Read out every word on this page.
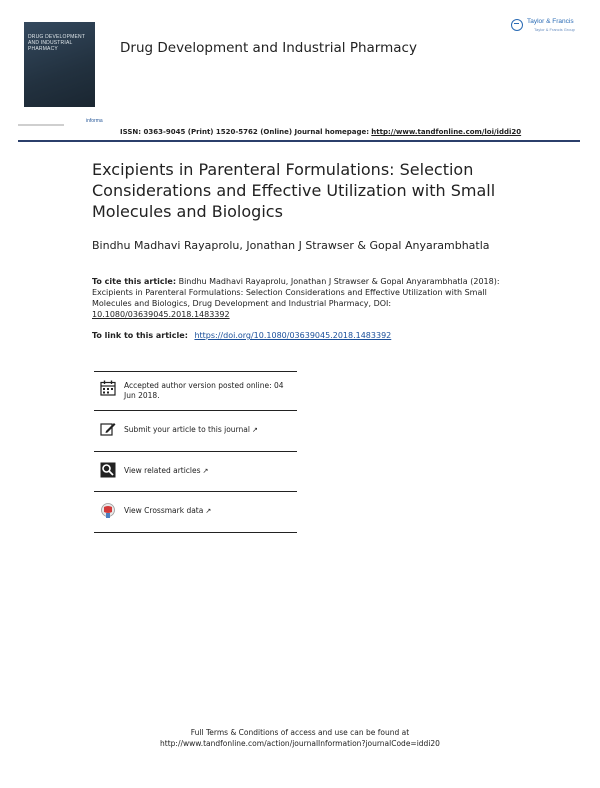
DRUG DEVELOPMENT AND INDUSTRIAL PHARMACY
informa
Drug Development and Industrial Pharmacy
Taylor & Francis
Taylor & Francis Group
ISSN: 0363-9045 (Print) 1520-5762 (Online) Journal homepage: http://www.tandfonline.com/loi/iddi20
Excipients in Parenteral Formulations: Selection Considerations and Effective Utilization with Small Molecules and Biologics
Bindhu Madhavi Rayaprolu, Jonathan J Strawser & Gopal Anyarambhatla
To cite this article: Bindhu Madhavi Rayaprolu, Jonathan J Strawser & Gopal Anyarambhatla (2018): Excipients in Parenteral Formulations: Selection Considerations and Effective Utilization with Small Molecules and Biologics, Drug Development and Industrial Pharmacy, DOI: 10.1080/03639045.2018.1483392
To link to this article: https://doi.org/10.1080/03639045.2018.1483392
Accepted author version posted online: 04 Jun 2018.
Submit your article to this journal ↗
View related articles ↗
View Crossmark data ↗
Full Terms & Conditions of access and use can be found at
http://www.tandfonline.com/action/journalInformation?journalCode=iddi20
